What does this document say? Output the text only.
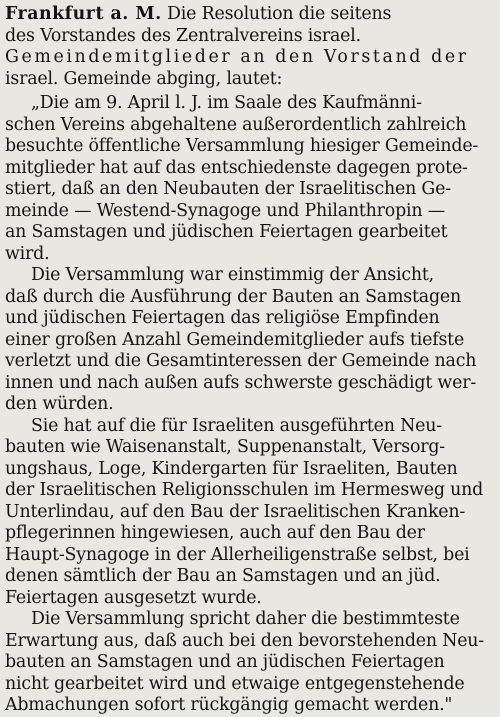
Frankfurt a. M. Die Resolution die seitens
des Vorstandes des Zentralvereins israel.
Gemeindemitglieder an den Vorstand der
israel. Gemeinde abging, lautet:
„Die am 9. April l. J. im Saale des Kaufmänni-
schen Vereins abgehaltene außerordentlich zahlreich
besuchte öffentliche Versammlung hiesiger Gemeinde-
mitglieder hat auf das entschiedenste dagegen prote-
stiert, daß an den Neubauten der Israelitischen Ge-
meinde — Westend-Synagoge und Philanthropin —
an Samstagen und jüdischen Feiertagen gearbeitet
wird.
Die Versammlung war einstimmig der Ansicht,
daß durch die Ausführung der Bauten an Samstagen
und jüdischen Feiertagen das religiöse Empfinden
einer großen Anzahl Gemeindemitglieder aufs tiefste
verletzt und die Gesamtinteressen der Gemeinde nach
innen und nach außen aufs schwerste geschädigt wer-
den würden.
Sie hat auf die für Israeliten ausgeführten Neu-
bauten wie Waisenanstalt, Suppenanstalt, Versorg-
ungshaus, Loge, Kindergarten für Israeliten, Bauten
der Israelitischen Religionsschulen im Hermesweg und
Unterlindau, auf den Bau der Israelitischen Kranken-
pflegerinnen hingewiesen, auch auf den Bau der
Haupt-Synagoge in der Allerheiligenstraße selbst, bei
denen sämtlich der Bau an Samstagen und an jüd.
Feiertagen ausgesetzt wurde.
Die Versammlung spricht daher die bestimmteste
Erwartung aus, daß auch bei den bevorstehenden Neu-
bauten an Samstagen und an jüdischen Feiertagen
nicht gearbeitet wird und etwaige entgegenstehende
Abmachungen sofort rückgängig gemacht werden."
